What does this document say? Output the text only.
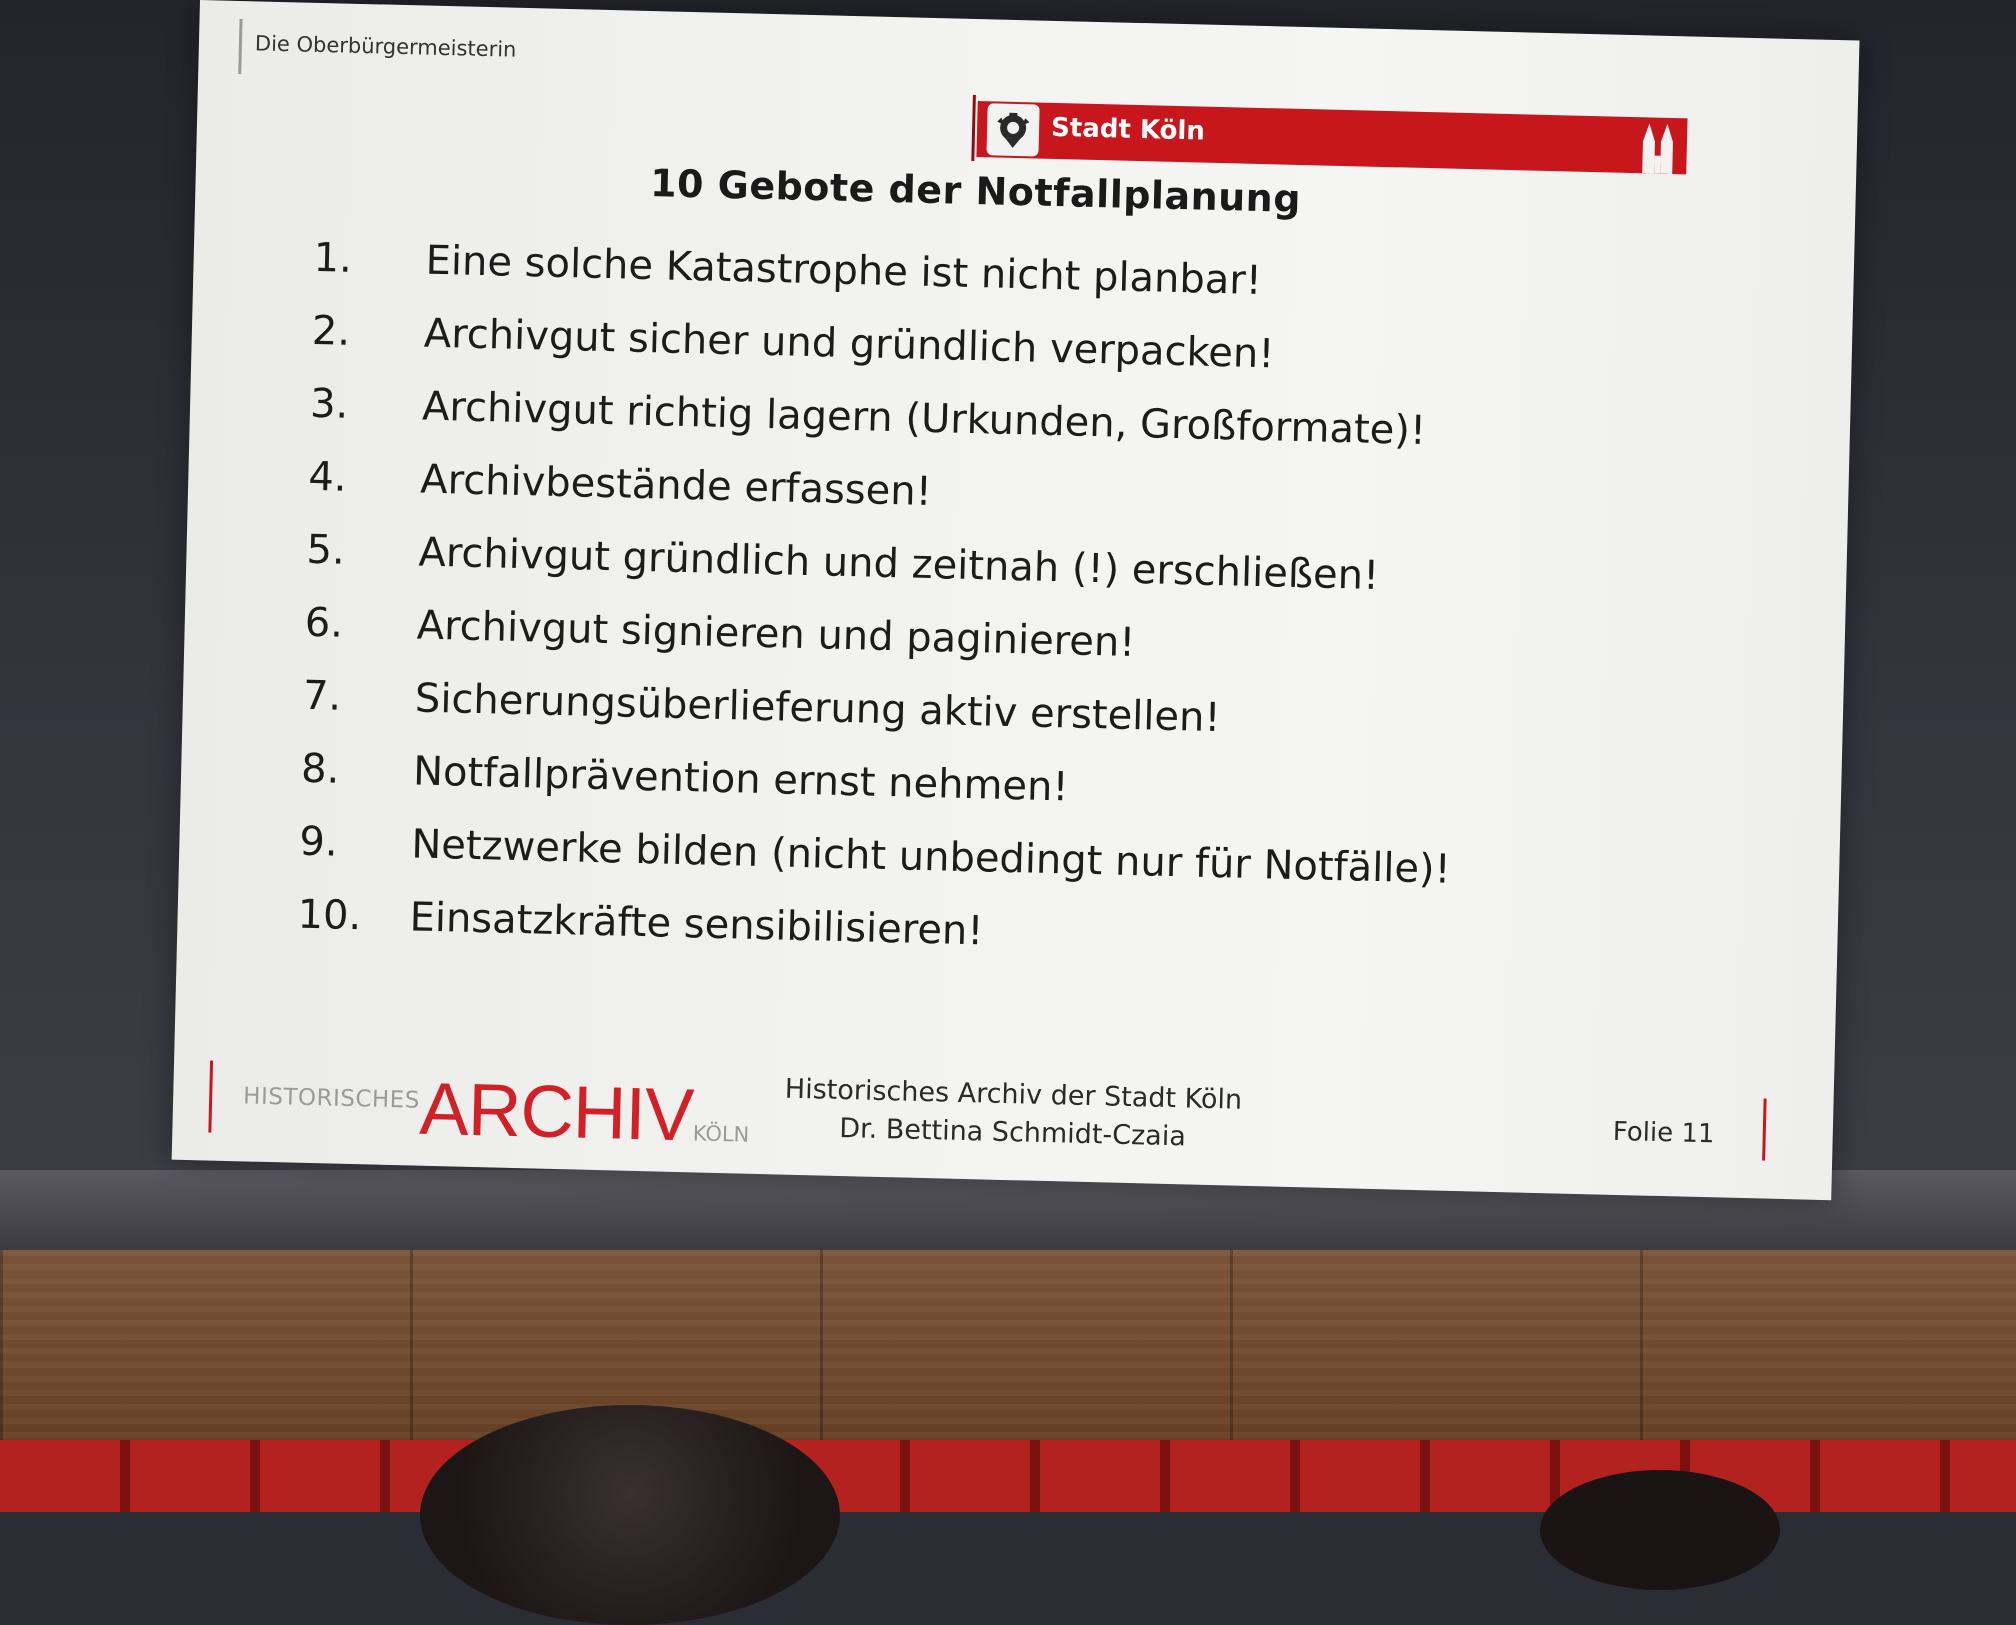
Die Oberbürgermeisterin
Stadt Köln
10 Gebote der Notfallplanung
1.	Eine solche Katastrophe ist nicht planbar!
2.	Archivgut sicher und gründlich verpacken!
3.	Archivgut richtig lagern (Urkunden, Großformate)!
4.	Archivbestände erfassen!
5.	Archivgut gründlich und zeitnah (!) erschließen!
6.	Archivgut signieren und paginieren!
7.	Sicherungsüberlieferung aktiv erstellen!
8.	Notfallprävention ernst nehmen!
9.	Netzwerke bilden (nicht unbedingt nur für Notfälle)!
10.	Einsatzkräfte sensibilisieren!
HISTORISCHESARCHIVKÖLN
Historisches Archiv der Stadt Köln
Dr. Bettina Schmidt-Czaia	Folie 11
